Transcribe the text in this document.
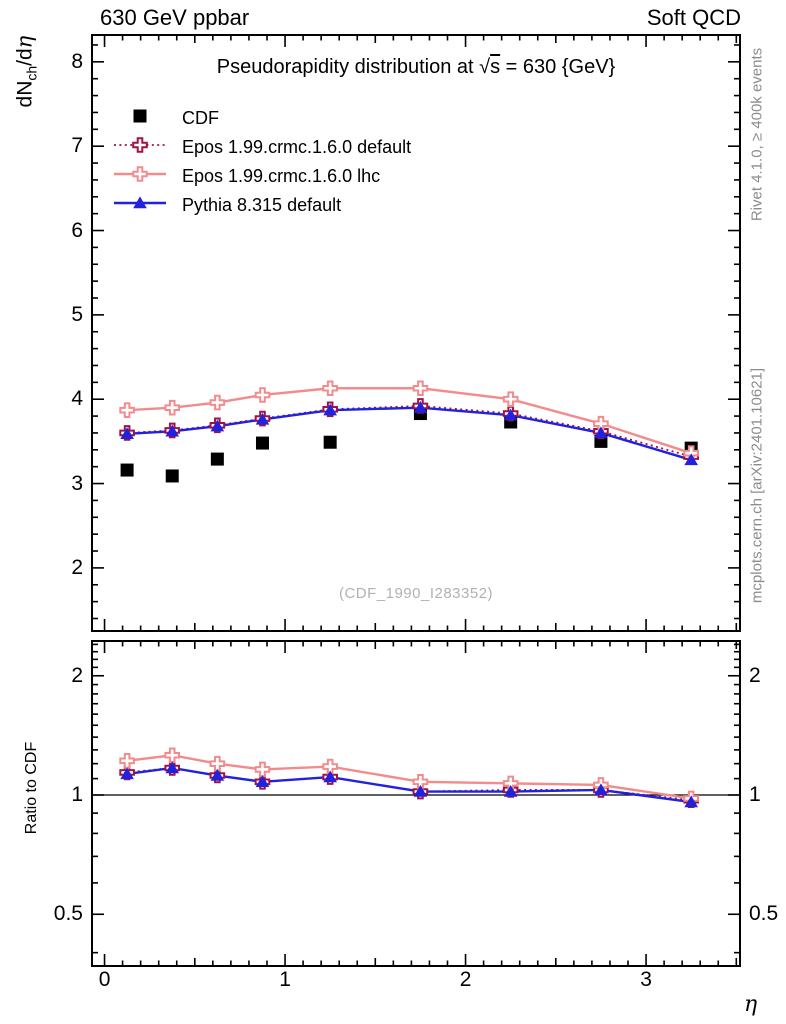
630 GeV ppbar	Soft QCD
$dN_{ch}/d\eta$
Pseudorapidity distribution at √s = 630 {GeV}
CDF
Epos 1.99.crmc.1.6.0 default
Epos 1.99.crmc.1.6.0 lhc
Pythia 8.315 default
(CDF_1990_I283352)
Ratio to CDF
Rivet 4.1.0, ≥ 400k events
mcplots.cern.ch [arXiv:2401.10621]
η
2
3
4
5
6
7
8
0.5	0.5
1	1
2	2
0	1	2	3
